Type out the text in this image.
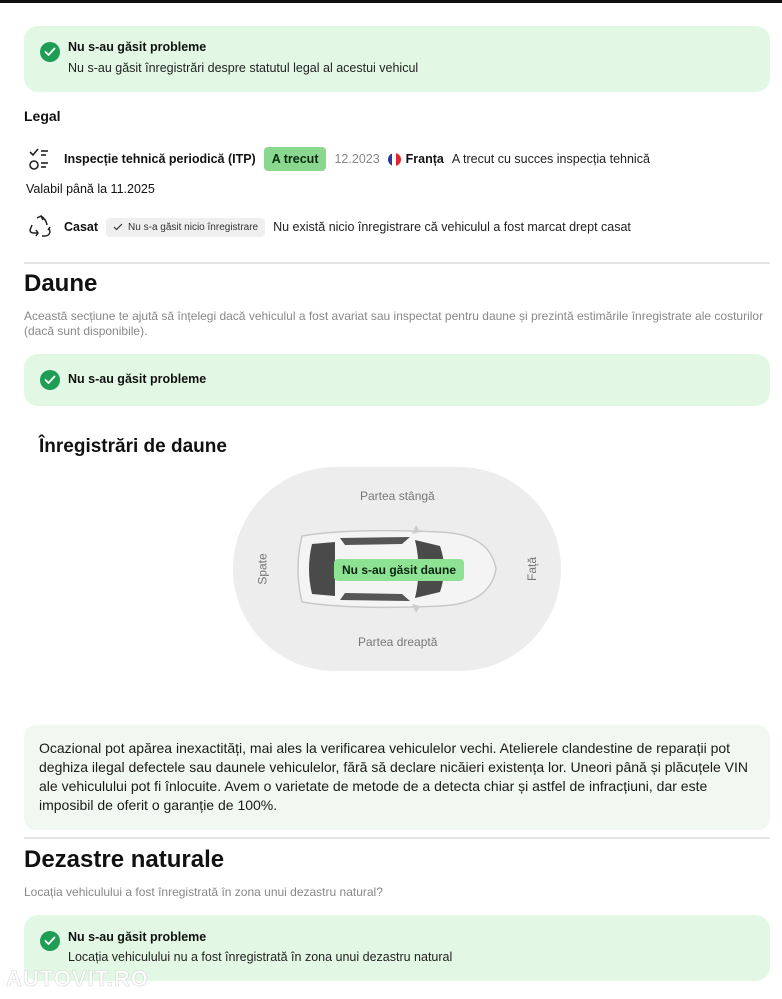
Nu s-au găsit probleme
Nu s-au găsit înregistrări despre statutul legal al acestui vehicul
Legal
Inspecție tehnică periodică (ITP)	A trecut	12.2023 Franța A trecut cu succes inspecția tehnică
Valabil până la 11.2025
Casat	Nu s-a găsit nicio înregistrare Nu există nicio înregistrare că vehiculul a fost marcat drept casat
Daune
Această secțiune te ajută să înțelegi dacă vehiculul a fost avariat sau inspectat pentru daune și prezintă estimările înregistrate ale costurilor (dacă sunt disponibile).
Nu s-au găsit probleme
Înregistrări de daune
Partea stângă
Partea dreaptă
Spate	Față
Nu s-au găsit daune
Ocazional pot apărea inexactități, mai ales la verificarea vehiculelor vechi. Atelierele clandestine de reparații pot deghiza ilegal defectele sau daunele vehiculelor, fără să declare nicăieri existența lor. Uneori până și plăcuțele VIN ale vehiculului pot fi înlocuite. Avem o varietate de metode de a detecta chiar și astfel de infracțiuni, dar este imposibil de oferit o garanție de 100%.
Dezastre naturale
Locația vehiculului a fost înregistrată în zona unui dezastru natural?
Nu s-au găsit probleme
Locația vehiculului nu a fost înregistrată în zona unui dezastru natural
AUTOVIT.RO
